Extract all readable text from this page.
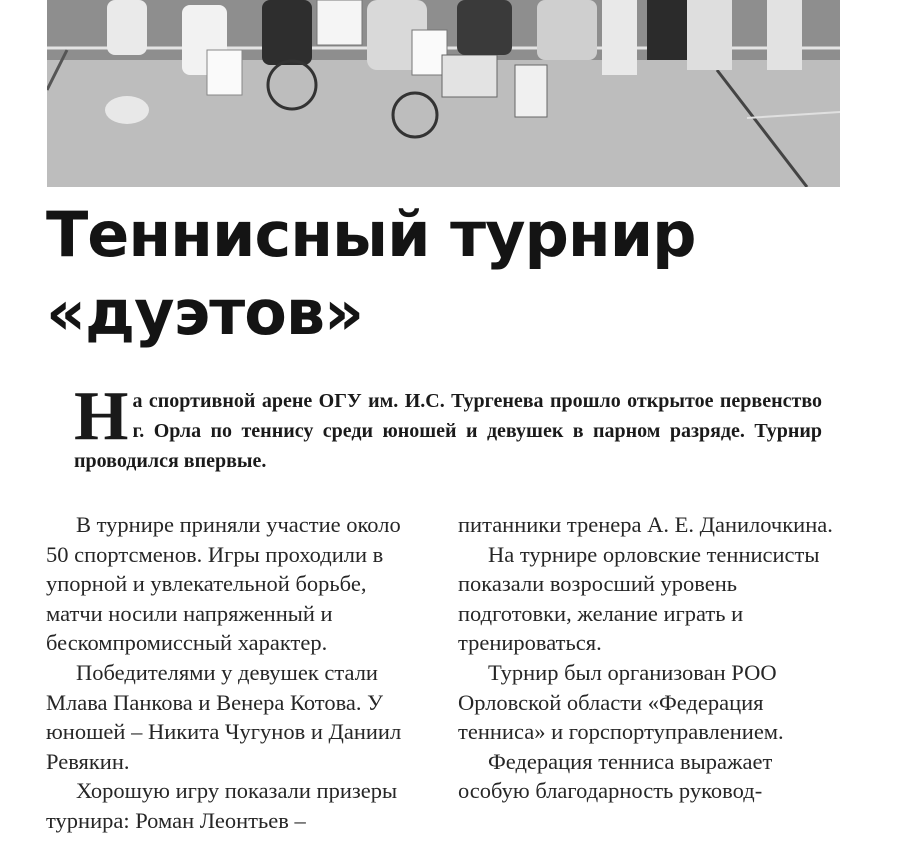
Теннисный турнир
«дуэтов»

На спортивной арене ОГУ им. И.С. Тургенева прошло открытое первенство г. Орла по теннису среди юношей и девушек в парном разряде. Турнир проводился впервые.

В турнире приняли участие около 50 спортсменов. Игры проходили в упорной и увлекательной борьбе, матчи носили напряженный и бескомпромиссный характер.

Победителями у девушек стали Млава Панкова и Венера Котова. У юношей – Никита Чугунов и Даниил Ревякин.

Хорошую игру показали призеры турнира: Роман Леонтьев –

питанники тренера А. Е. Данилочкина.

На турнире орловские теннисисты показали возросший уровень подготовки, желание играть и тренироваться.

Турнир был организован РОО Орловской области «Федерация тенниса» и горспортуправлением.

Федерация тенниса выражает особую благодарность руковод-
